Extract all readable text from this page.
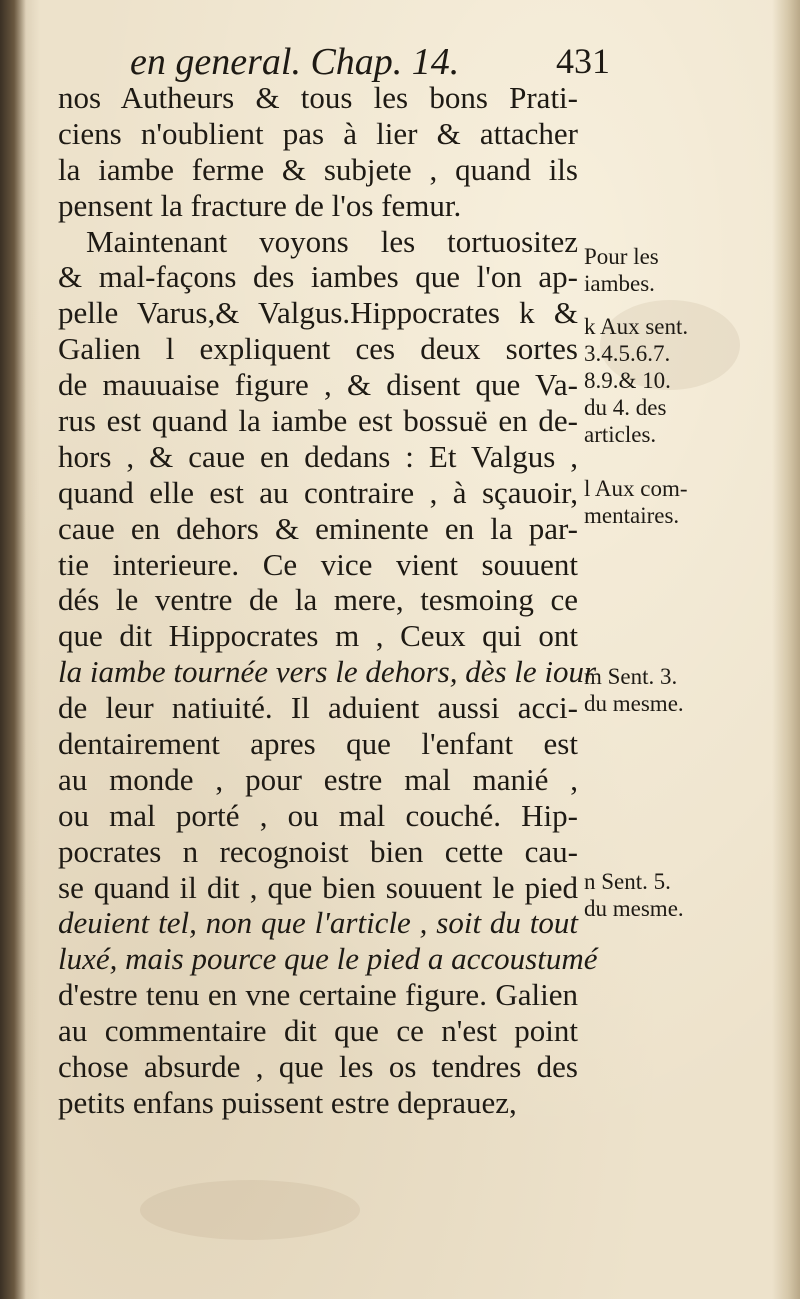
en general. Chap. 14.	431
nos Autheurs & tous les bons Prati-
ciens n'oublient pas à lier & attacher
la iambe ferme & subjete , quand ils
pensent la fracture de l'os femur.
Maintenant voyons les tortuositez
& mal-façons des iambes que l'on ap-
pelle Varus,& Valgus.Hippocrates k &
Galien l expliquent ces deux sortes
de mauuaise figure , & disent que Va-
rus est quand la iambe est bossuë en de-
hors , & caue en dedans : Et Valgus ,
quand elle est au contraire , à sçauoir,
caue en dehors & eminente en la par-
tie interieure. Ce vice vient souuent
dés le ventre de la mere, tesmoing ce
que dit Hippocrates m , Ceux qui ont
la iambe tournée vers le dehors, dès le iour
de leur natiuité. Il aduient aussi acci-
dentairement apres que l'enfant est
au monde , pour estre mal manié ,
ou mal porté , ou mal couché. Hip-
pocrates n recognoist bien cette cau-
se quand il dit , que bien souuent le pied
deuient tel, non que l'article , soit du tout
luxé, mais pource que le pied a accoustumé
d'estre tenu en vne certaine figure. Galien
au commentaire dit que ce n'est point
chose absurde , que les os tendres des
petits enfans puissent estre deprauez,
Pour les
iambes.
k Aux sent.
3.4.5.6.7.
8.9.& 10.
du 4. des
articles.
l Aux com-
mentaires.
m Sent. 3.
du mesme.
n Sent. 5.
du mesme.
